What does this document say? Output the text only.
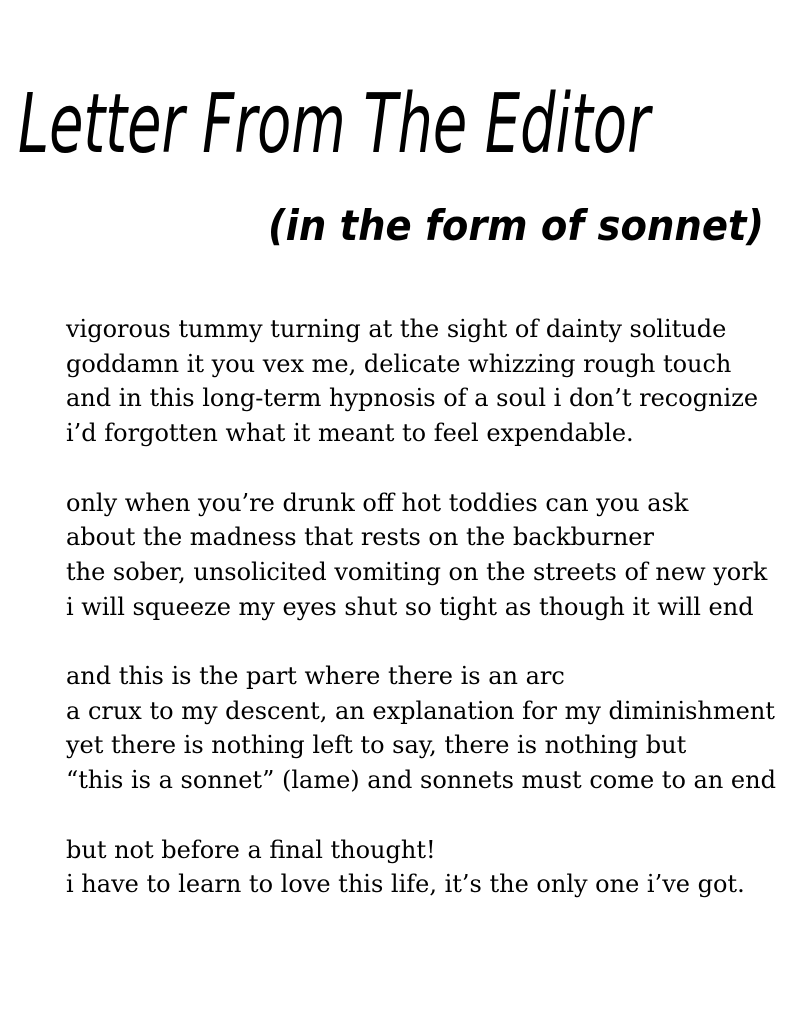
Letter From The Editor
(in the form of sonnet)
vigorous tummy turning at the sight of dainty solitude
goddamn it you vex me, delicate whizzing rough touch
and in this long-term hypnosis of a soul i don’t recognize
i’d forgotten what it meant to feel expendable.
only when you’re drunk off hot toddies can you ask
about the madness that rests on the backburner
the sober, unsolicited vomiting on the streets of new york
i will squeeze my eyes shut so tight as though it will end
and this is the part where there is an arc
a crux to my descent, an explanation for my diminishment
yet there is nothing left to say, there is nothing but
“this is a sonnet” (lame) and sonnets must come to an end
but not before a final thought!
i have to learn to love this life, it’s the only one i’ve got.
